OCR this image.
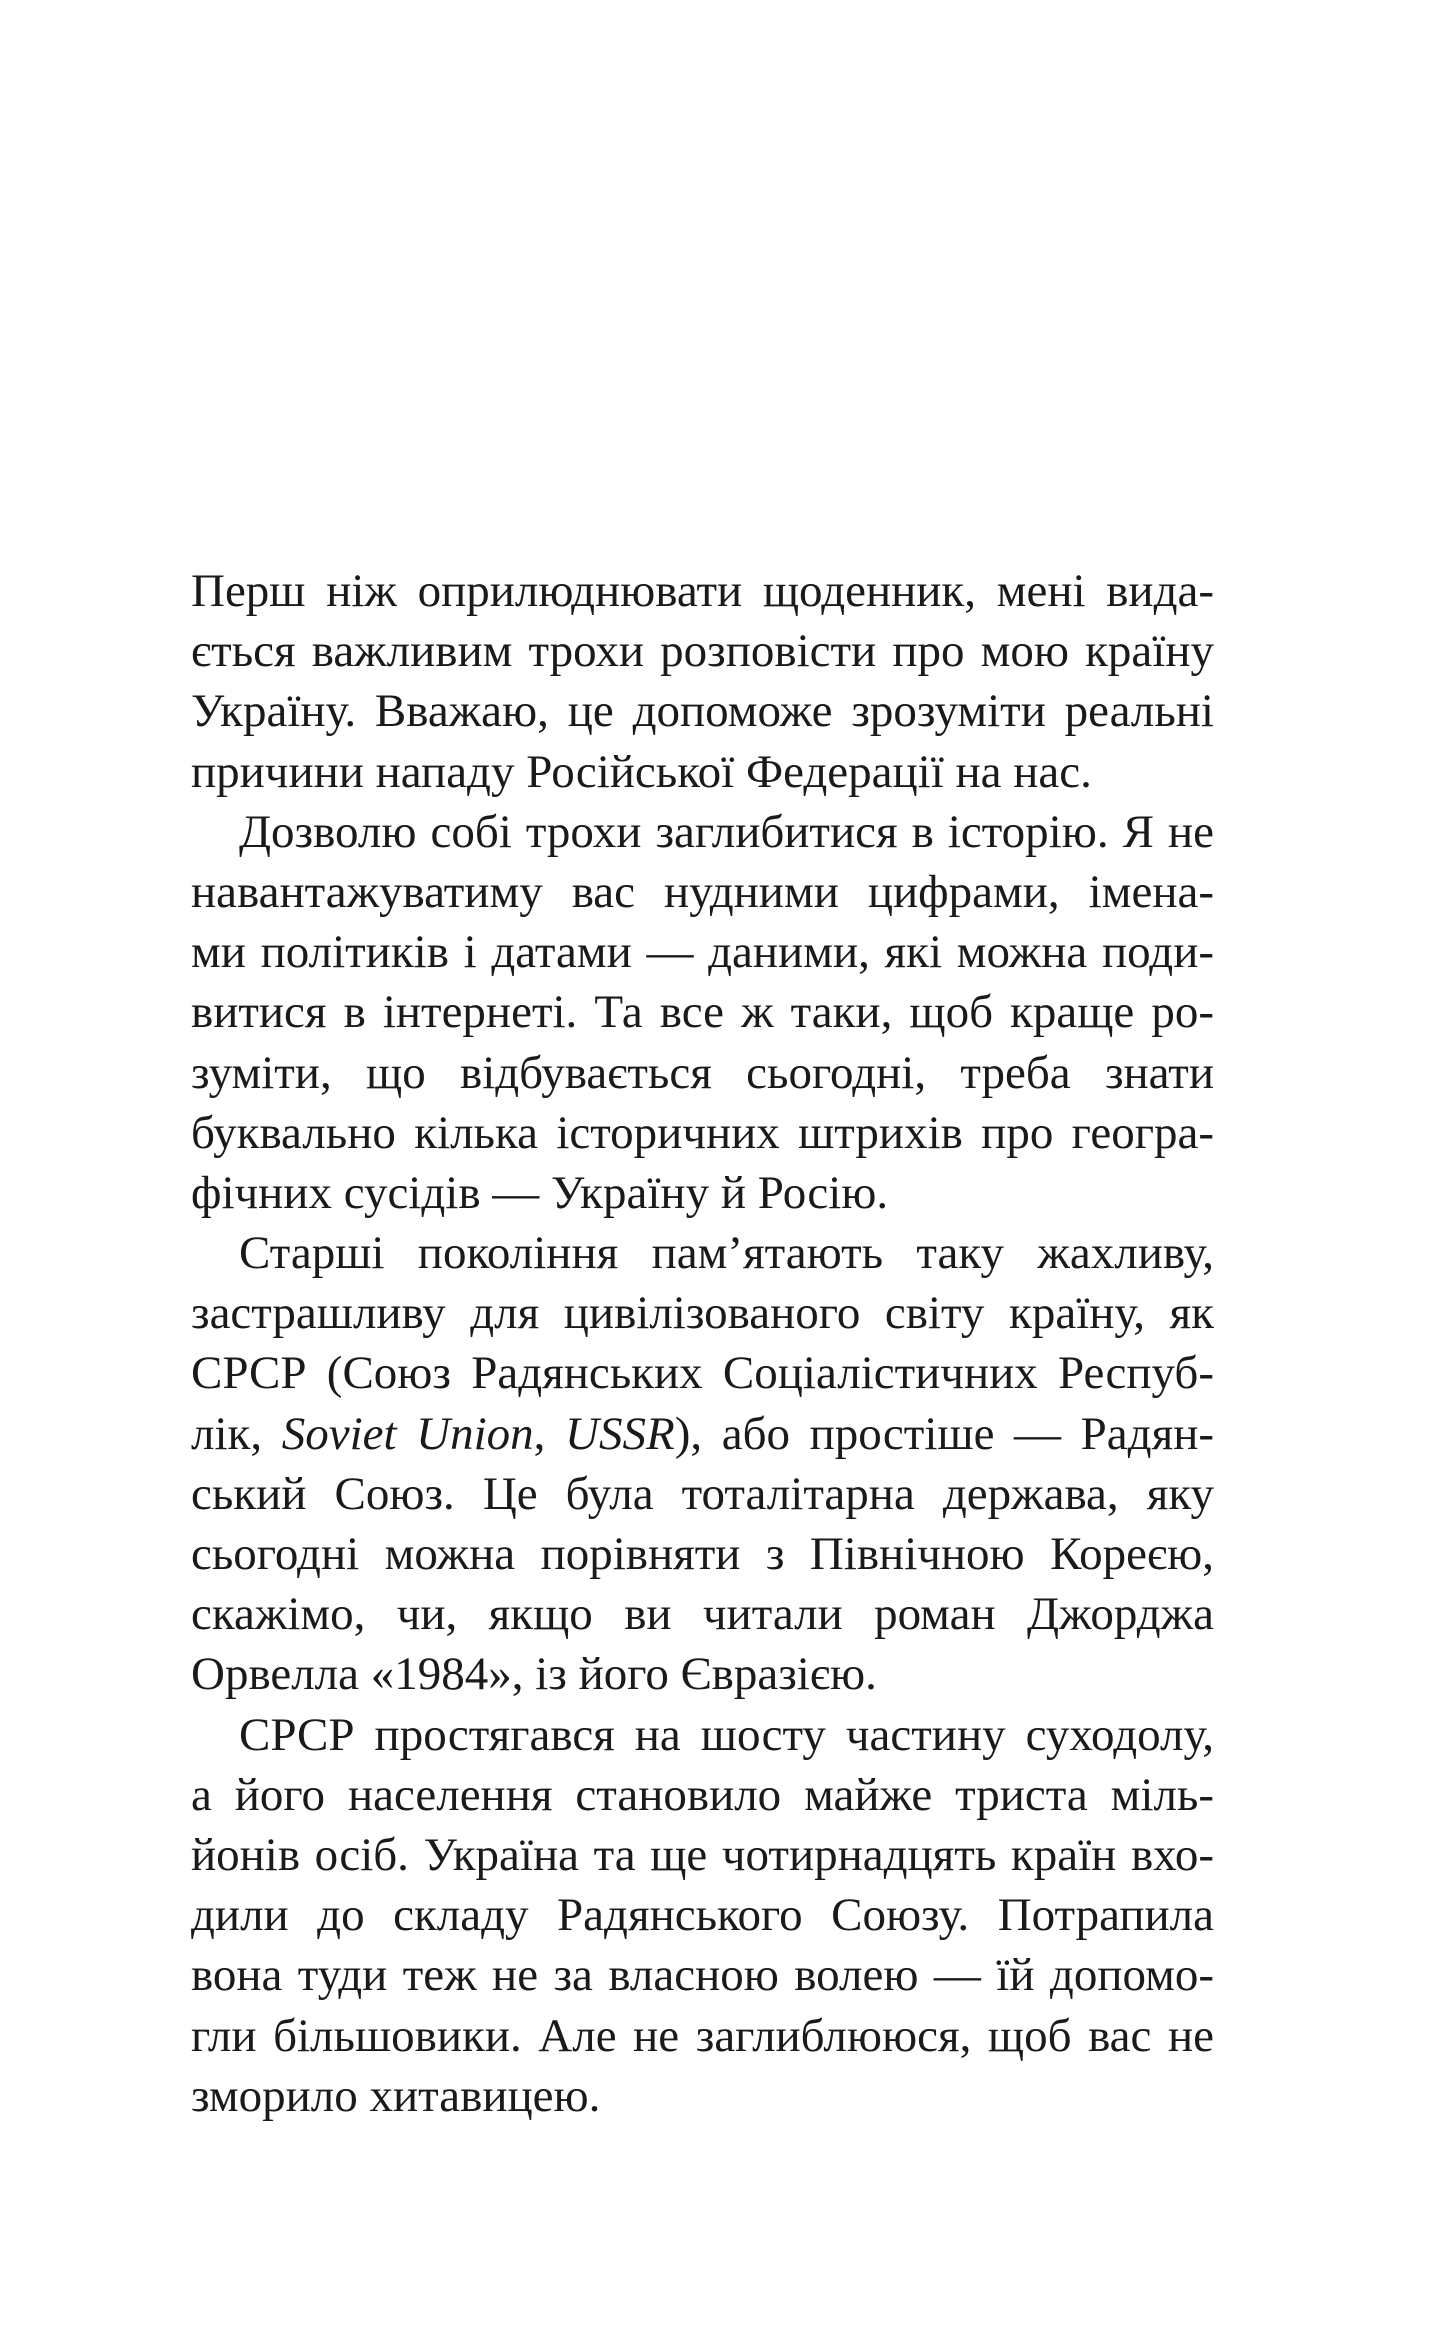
Перш ніж оприлюднювати щоденник, мені вида-
ється важливим трохи розповісти про мою країну
Україну. Вважаю, це допоможе зрозуміти реальні
причини нападу Російської Федерації на нас.
Дозволю собі трохи заглибитися в історію. Я не
навантажуватиму вас нудними цифрами, імена-
ми політиків і датами — даними, які можна поди-
витися в інтернеті. Та все ж таки, щоб краще ро-
зуміти, що відбувається сьогодні, треба знати
буквально кілька історичних штрихів про геогра-
фічних сусідів — Україну й Росію.
Старші покоління пам’ятають таку жахливу,
застрашливу для цивілізованого світу країну, як
СРСР (Союз Радянських Соціалістичних Респуб-
лік, Soviet Union, USSR), або простіше — Радян-
ський Союз. Це була тоталітарна держава, яку
сьогодні можна порівняти з Північною Кореєю,
скажімо, чи, якщо ви читали роман Джорджа
Орвелла «1984», із його Євразією.
СРСР простягався на шосту частину суходолу,
а його населення становило майже триста міль-
йонів осіб. Україна та ще чотирнадцять країн вхо-
дили до складу Радянського Союзу. Потрапила
вона туди теж не за власною волею — їй допомо-
гли більшовики. Але не заглиблююся, щоб вас не
зморило хитавицею.
